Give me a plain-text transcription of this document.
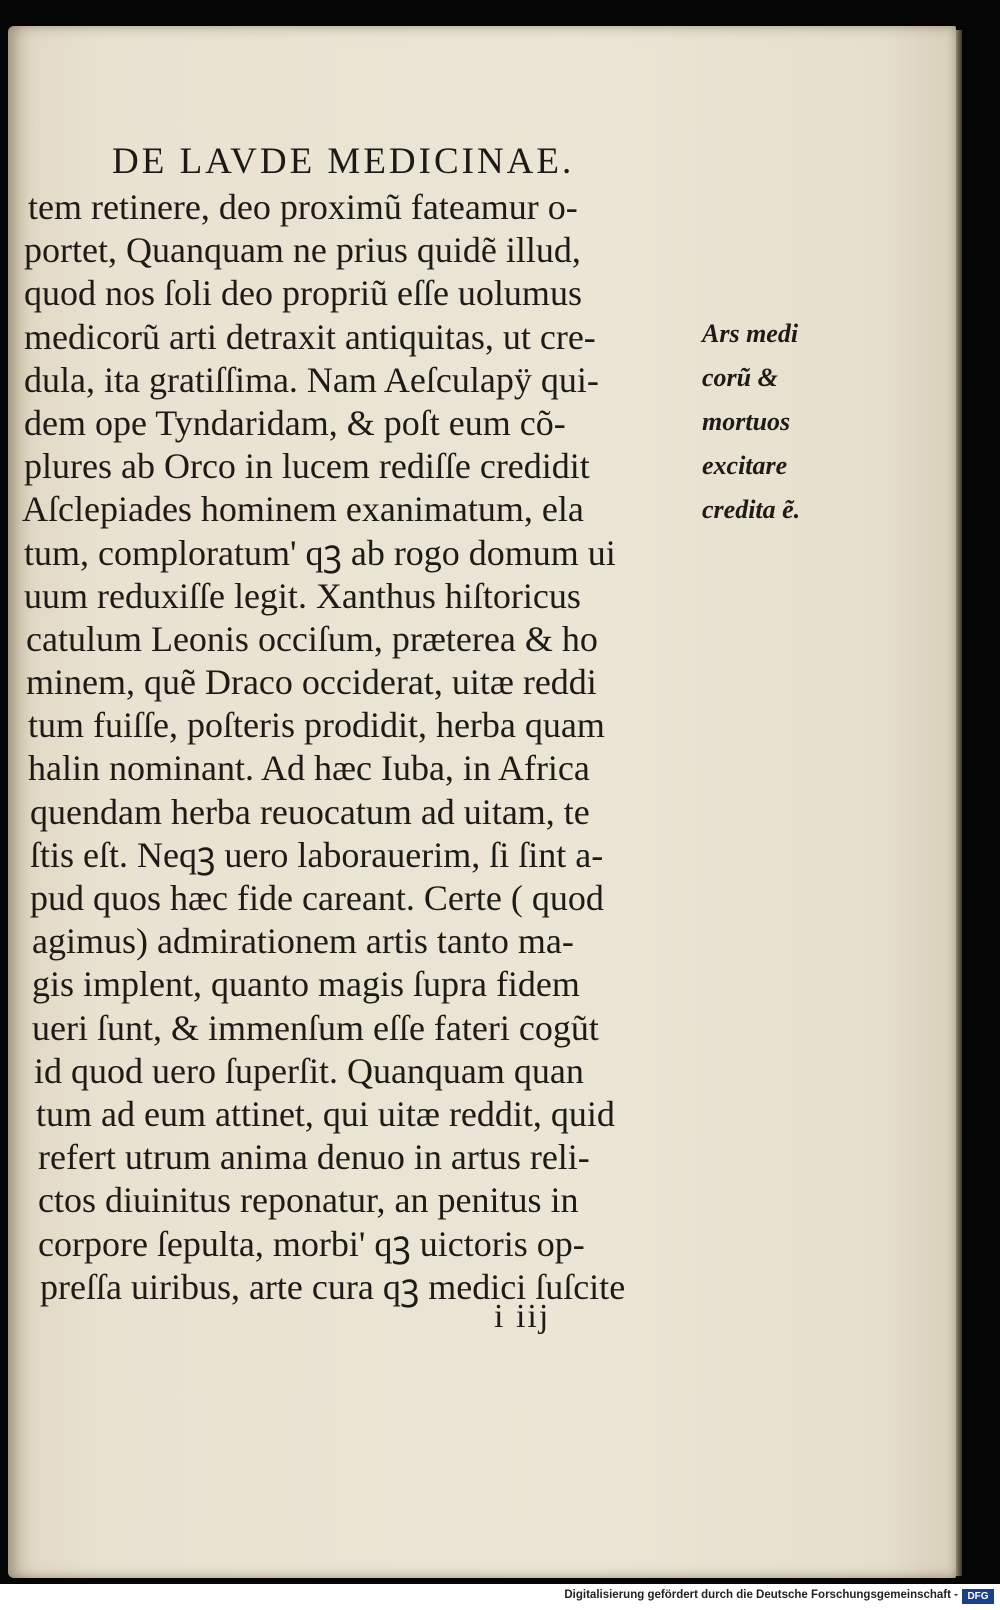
DE LAVDE MEDICINAE.
tem retinere, deo proximũ fateamur o-
portet, Quanquam ne prius quidẽ illud,
quod nos ſoli deo propriũ eſſe uolumus
medicorũ arti detraxit antiquitas, ut cre-
dula, ita gratiſſima. Nam Aeſculapÿ qui-
dem ope Tyndaridam, & poſt eum cõ-
plures ab Orco in lucem rediſſe credidit
Aſclepiades hominem exanimatum, ela
tum, comploratum' qꝫ ab rogo domum ui
uum reduxiſſe legit. Xanthus hiſtoricus
catulum Leonis occiſum, præterea & ho
minem, quẽ Draco occiderat, uitæ reddi
tum fuiſſe, poſteris prodidit, herba quam
halin nominant. Ad hæc Iuba, in Africa
quendam herba reuocatum ad uitam, te
ſtis eſt. Neqꝫ uero laborauerim, ſi ſint a-
pud quos hæc fide careant. Certe ( quod
agimus) admirationem artis tanto ma-
gis implent, quanto magis ſupra fidem
ueri ſunt, & immenſum eſſe fateri cogũt
id quod uero ſuperſit. Quanquam quan
tum ad eum attinet, qui uitæ reddit, quid
refert utrum anima denuo in artus reli-
ctos diuinitus reponatur, an penitus in
corpore ſepulta, morbi' qꝫ uictoris op-
preſſa uiribus, arte cura qꝫ medici ſuſcite
Ars medi
corũ &
mortuos
excitare
credita ẽ.
i iij
Digitalisierung gefördert durch die Deutsche Forschungsgemeinschaft - DFG
